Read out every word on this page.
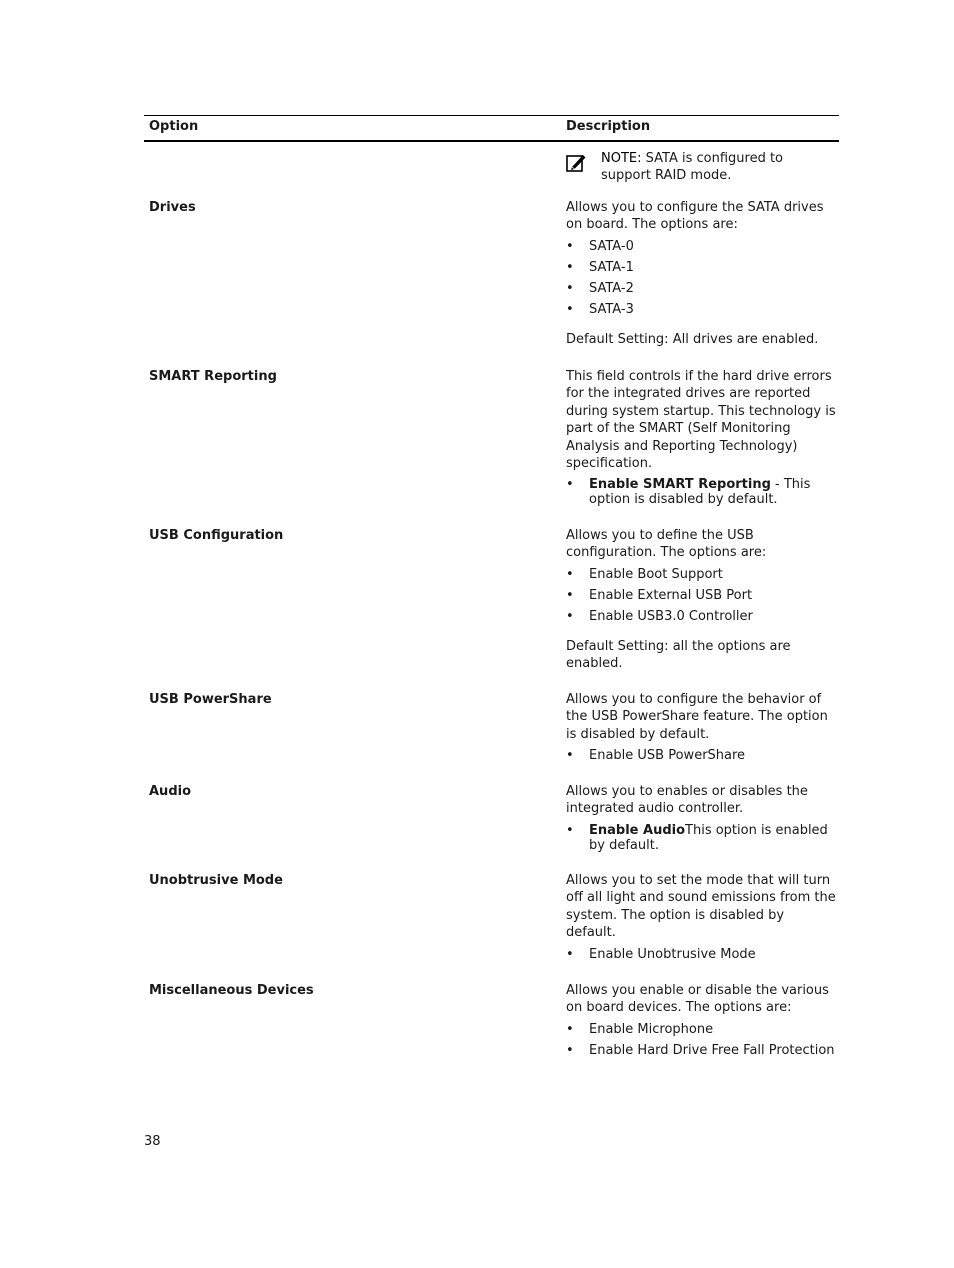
Option	Description
NOTE: SATA is configured to support RAID mode.
Drives	Allows you to configure the SATA drives on board. The options are:

• SATA-0
• SATA-1
• SATA-2
• SATA-3

Default Setting: All drives are enabled.

SMART Reporting	This field controls if the hard drive errors for the integrated drives are reported during system startup. This technology is part of the SMART (Self Monitoring Analysis and Reporting Technology) specification.

• Enable SMART Reporting - This option is disabled by default.
USB Configuration	Allows you to define the USB configuration. The options are:

• Enable Boot Support
• Enable External USB Port
• Enable USB3.0 Controller

Default Setting: all the options are enabled.

USB PowerShare	Allows you to configure the behavior of the USB PowerShare feature. The option is disabled by default.

• Enable USB PowerShare
Audio	Allows you to enables or disables the integrated audio controller.

• Enable AudioThis option is enabled by default.
Unobtrusive Mode	Allows you to set the mode that will turn off all light and sound emissions from the system. The option is disabled by default.

• Enable Unobtrusive Mode
Miscellaneous Devices	Allows you enable or disable the various on board devices. The options are:

• Enable Microphone
• Enable Hard Drive Free Fall Protection
38
